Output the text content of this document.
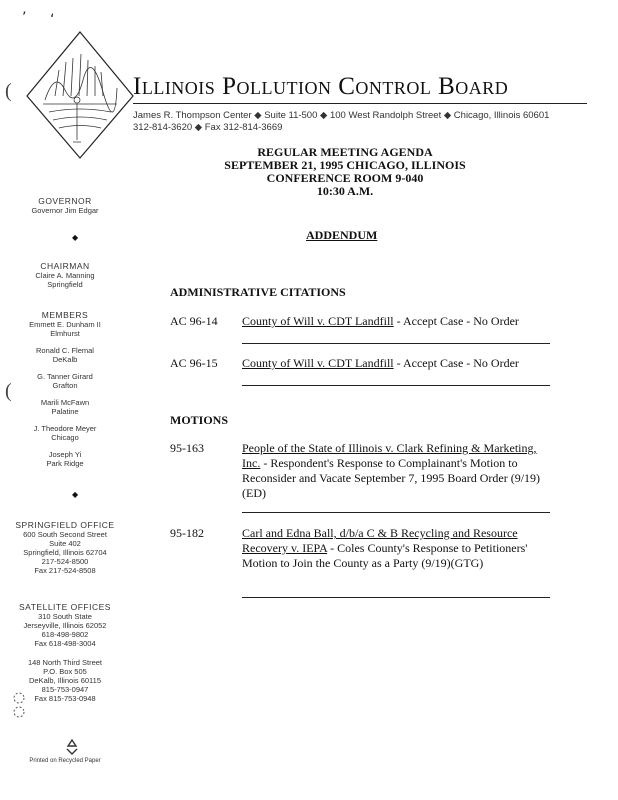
’ ‘
(
(
Illinois Pollution Control Board
James R. Thompson Center ◆ Suite 11-500 ◆ 100 West Randolph Street ◆ Chicago, Illinois 60601
312-814-3620 ◆ Fax 312-814-3669
REGULAR MEETING AGENDA
SEPTEMBER 21, 1995 CHICAGO, ILLINOIS
CONFERENCE ROOM 9-040
10:30 A.M.
ADDENDUM
GOVERNOR
Governor Jim Edgar
◆
CHAIRMAN
Claire A. Manning
Springfield
MEMBERS
Emmett E. Dunham II
Elmhurst
Ronald C. Flemal
DeKalb
G. Tanner Girard
Grafton
Marili McFawn
Palatine
J. Theodore Meyer
Chicago
Joseph Yi
Park Ridge
◆
SPRINGFIELD OFFICE
600 South Second Street
Suite 402
Springfield, Illinois 62704
217-524-8500
Fax 217-524-8508
SATELLITE OFFICES
310 South State
Jerseyville, Illinois 62052
618-498-9802
Fax 618-498-3004
148 North Third Street
P.O. Box 505
DeKalb, Illinois 60115
815-753-0947
Fax 815-753-0948
Printed on Recycled Paper
ADMINISTRATIVE CITATIONS
AC 96-14 County of Will v. CDT Landfill - Accept Case - No Order
AC 96-15 County of Will v. CDT Landfill - Accept Case - No Order
MOTIONS
95-163	People of the State of Illinois v. Clark Refining & Marketing, Inc. - Respondent's Response to Complainant's Motion to Reconsider and Vacate September 7, 1995 Board Order (9/19)(ED)
95-182	Carl and Edna Ball, d/b/a C & B Recycling and Resource Recovery v. IEPA - Coles County's Response to Petitioners' Motion to Join the County as a Party (9/19)(GTG)
